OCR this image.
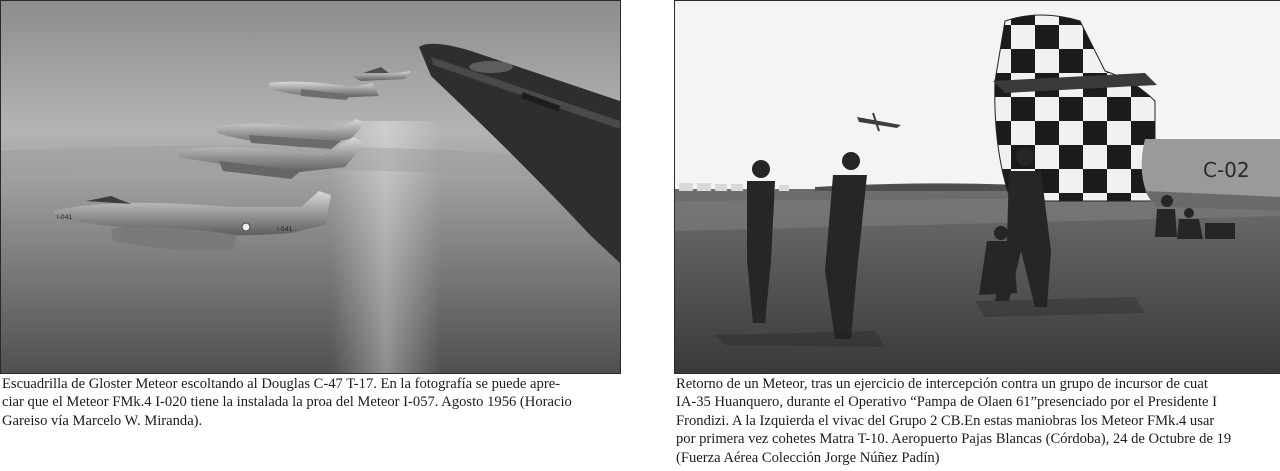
I-041
I-041
C-02
Escuadrilla de Gloster Meteor escoltando al Douglas C-47 T-17. En la fotografía se puede apre-
ciar que el Meteor FMk.4 I-020 tiene la instalada la proa del Meteor I-057. Agosto 1956 (Horacio
Gareiso vía Marcelo W. Miranda).
Retorno de un Meteor, tras un ejercicio de intercepción contra un grupo de incursor de cuat
IA-35 Huanquero, durante el Operativo “Pampa de Olaen 61”presenciado por el Presidente I
Frondizi. A la Izquierda el vivac del Grupo 2 CB.En estas maniobras los Meteor FMk.4 usar
por primera vez cohetes Matra T-10. Aeropuerto Pajas Blancas (Córdoba), 24 de Octubre de 19
(Fuerza Aérea Colección Jorge Núñez Padín)
